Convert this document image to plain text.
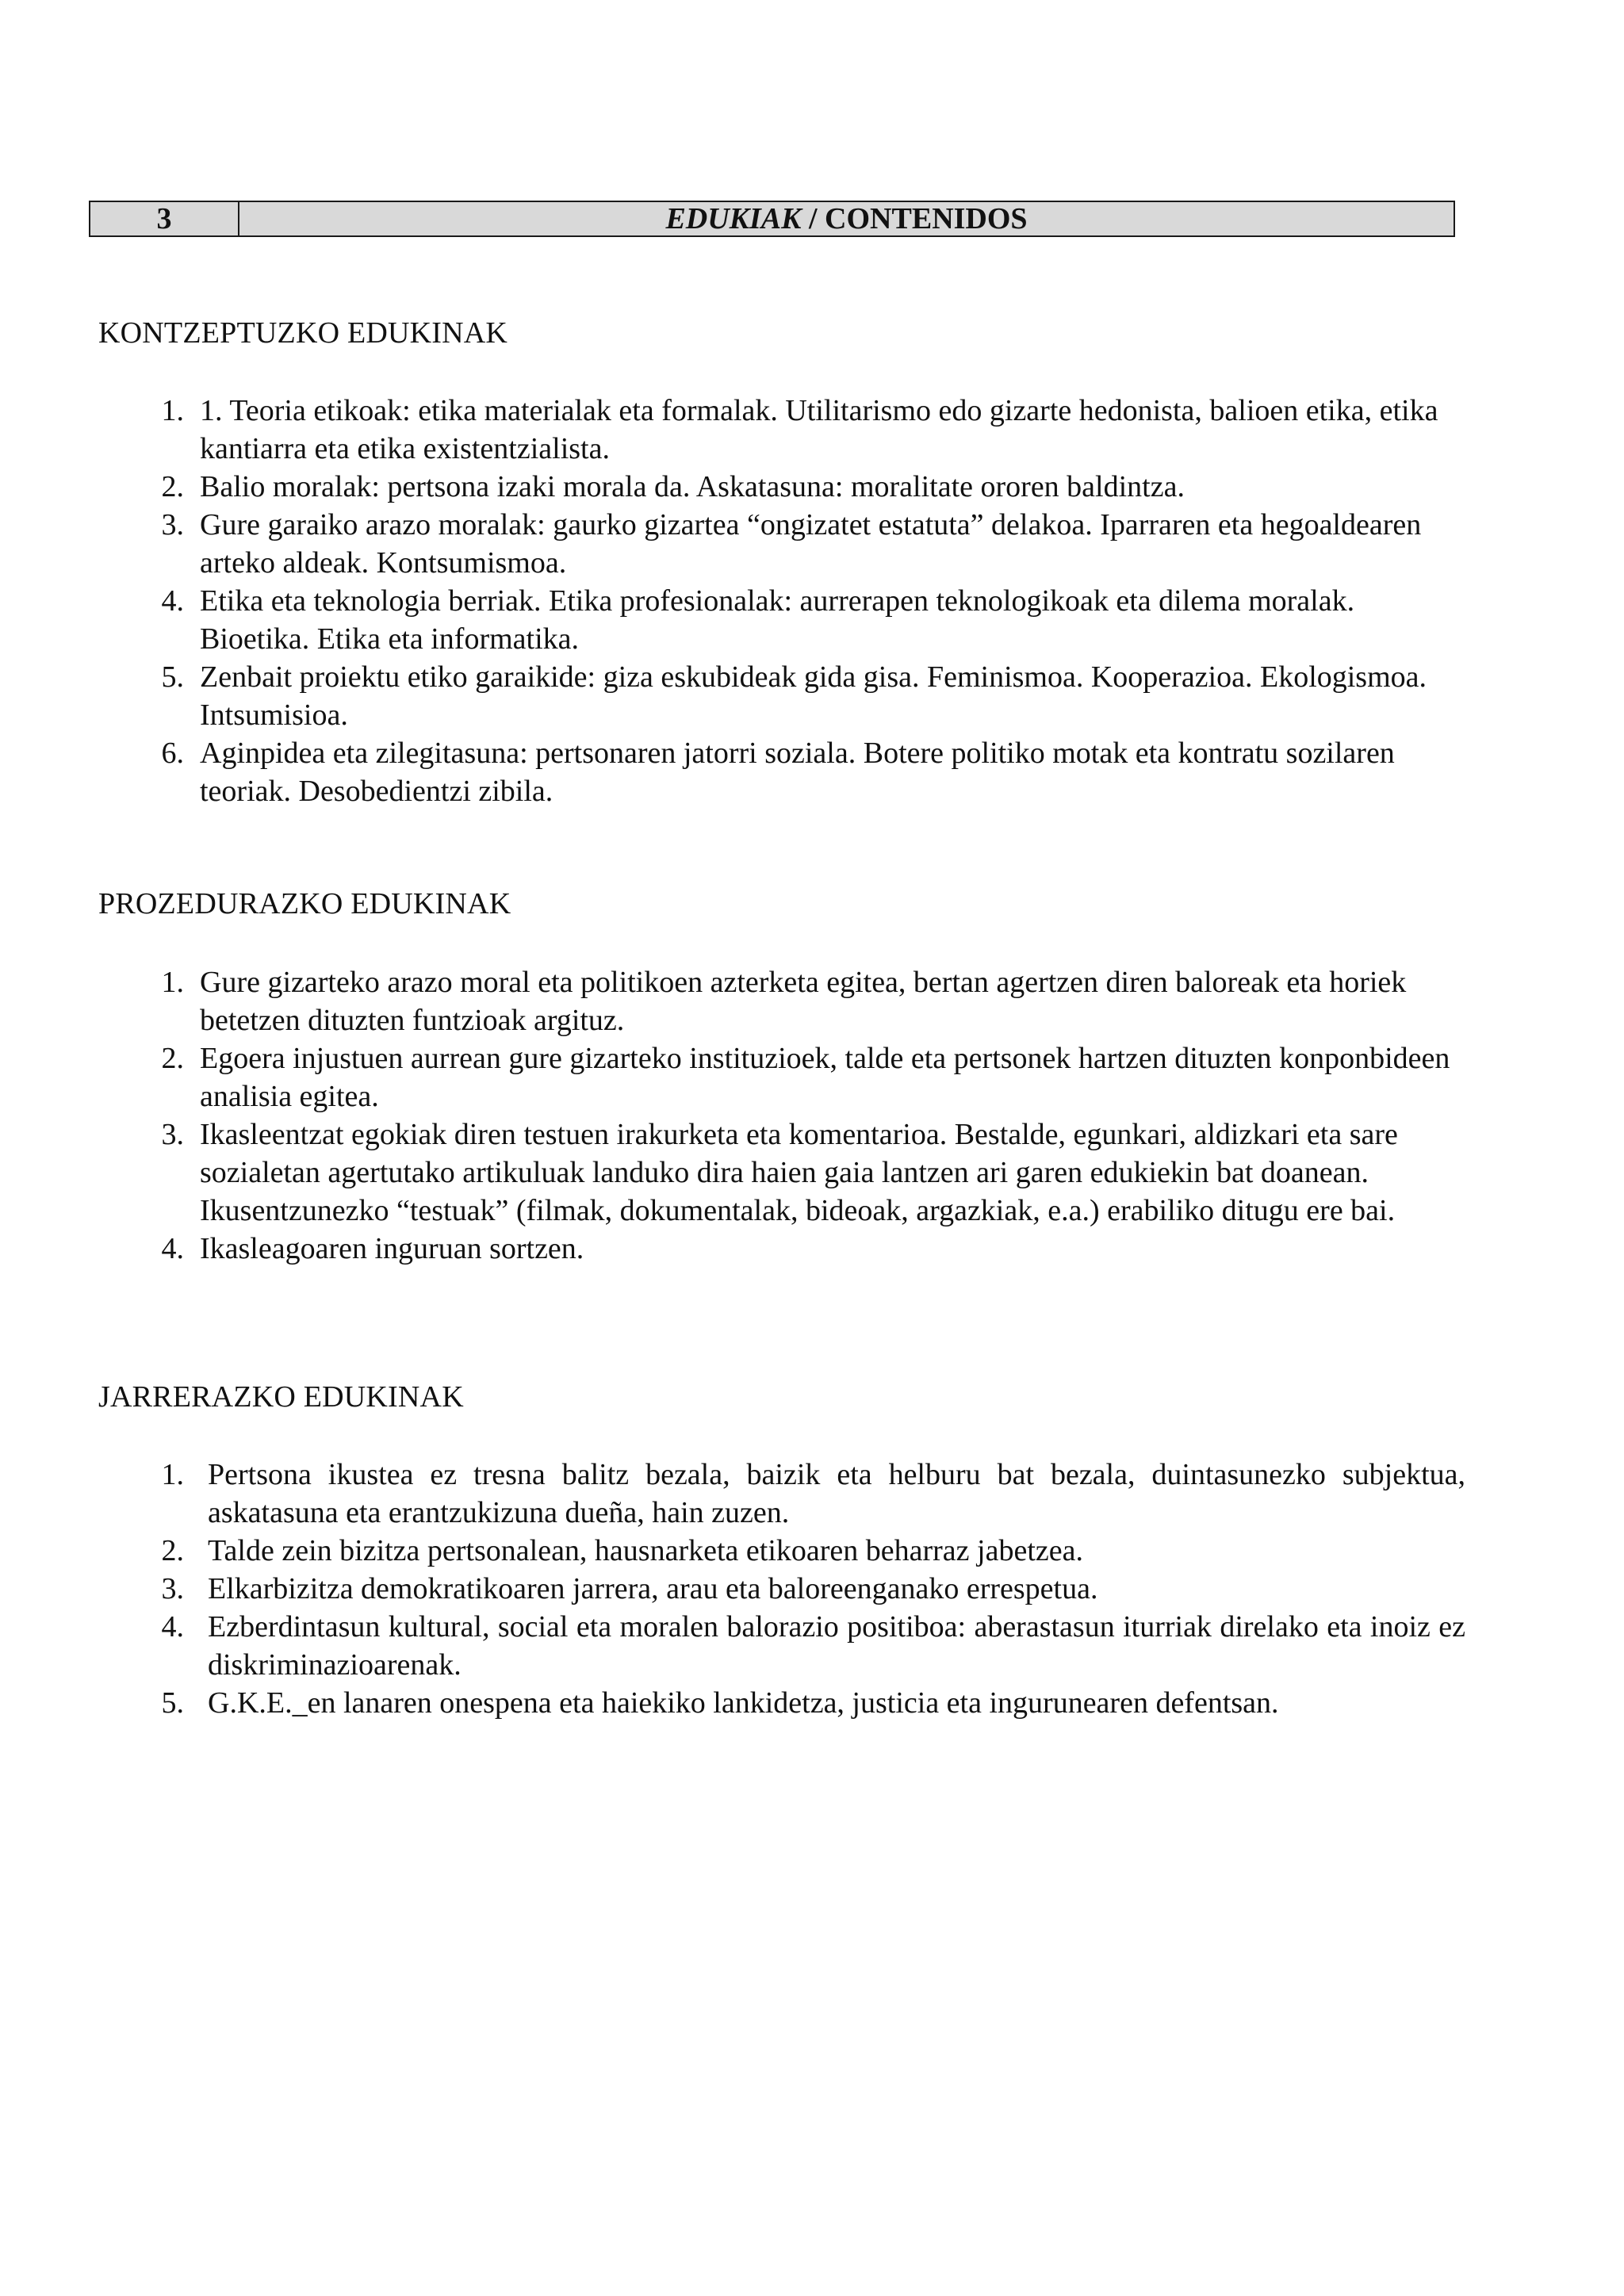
3	EDUKIAK / CONTENIDOS
KONTZEPTUZKO EDUKINAK
1. 1. Teoria etikoak: etika materialak eta formalak. Utilitarismo edo gizarte hedonista, balioen etika, etika kantiarra eta etika existentzialista.
2. Balio moralak: pertsona izaki morala da. Askatasuna: moralitate ororen baldintza.
3. Gure garaiko arazo moralak: gaurko gizartea “ongizatet estatuta” delakoa. Iparraren eta hegoaldearen arteko aldeak. Kontsumismoa.
4. Etika eta teknologia berriak. Etika profesionalak: aurrerapen teknologikoak eta dilema moralak. Bioetika. Etika eta informatika.
5. Zenbait proiektu etiko garaikide: giza eskubideak gida gisa. Feminismoa. Kooperazioa. Ekologismoa. Intsumisioa.
6. Aginpidea eta zilegitasuna: pertsonaren jatorri soziala. Botere politiko motak eta kontratu sozilaren teoriak. Desobedientzi zibila.
PROZEDURAZKO EDUKINAK
1. Gure gizarteko arazo moral eta politikoen azterketa egitea, bertan agertzen diren baloreak eta horiek betetzen dituzten funtzioak argituz.
2. Egoera injustuen aurrean gure gizarteko instituzioek, talde eta pertsonek hartzen dituzten konponbideen analisia egitea.
3. Ikasleentzat egokiak diren testuen irakurketa eta komentarioa. Bestalde, egunkari, aldizkari eta sare sozialetan agertutako artikuluak landuko dira haien gaia lantzen ari garen edukiekin bat doanean. Ikusentzunezko “testuak” (filmak, dokumentalak, bideoak, argazkiak, e.a.) erabiliko ditugu ere bai.
4. Ikasleagoaren inguruan sortzen.
JARRERAZKO EDUKINAK
1. Pertsona ikustea ez tresna balitz bezala, baizik eta helburu bat bezala, duintasunezko subjektua, askatasuna eta erantzukizuna dueña, hain zuzen.
2. Talde zein bizitza pertsonalean, hausnarketa etikoaren beharraz jabetzea.
3. Elkarbizitza demokratikoaren jarrera, arau eta baloreenganako errespetua.
4. Ezberdintasun kultural, social eta moralen balorazio positiboa: aberastasun iturriak direlako eta inoiz ez diskriminazioarenak.
5. G.K.E._en lanaren onespena eta haiekiko lankidetza, justicia eta ingurunearen defentsan.
